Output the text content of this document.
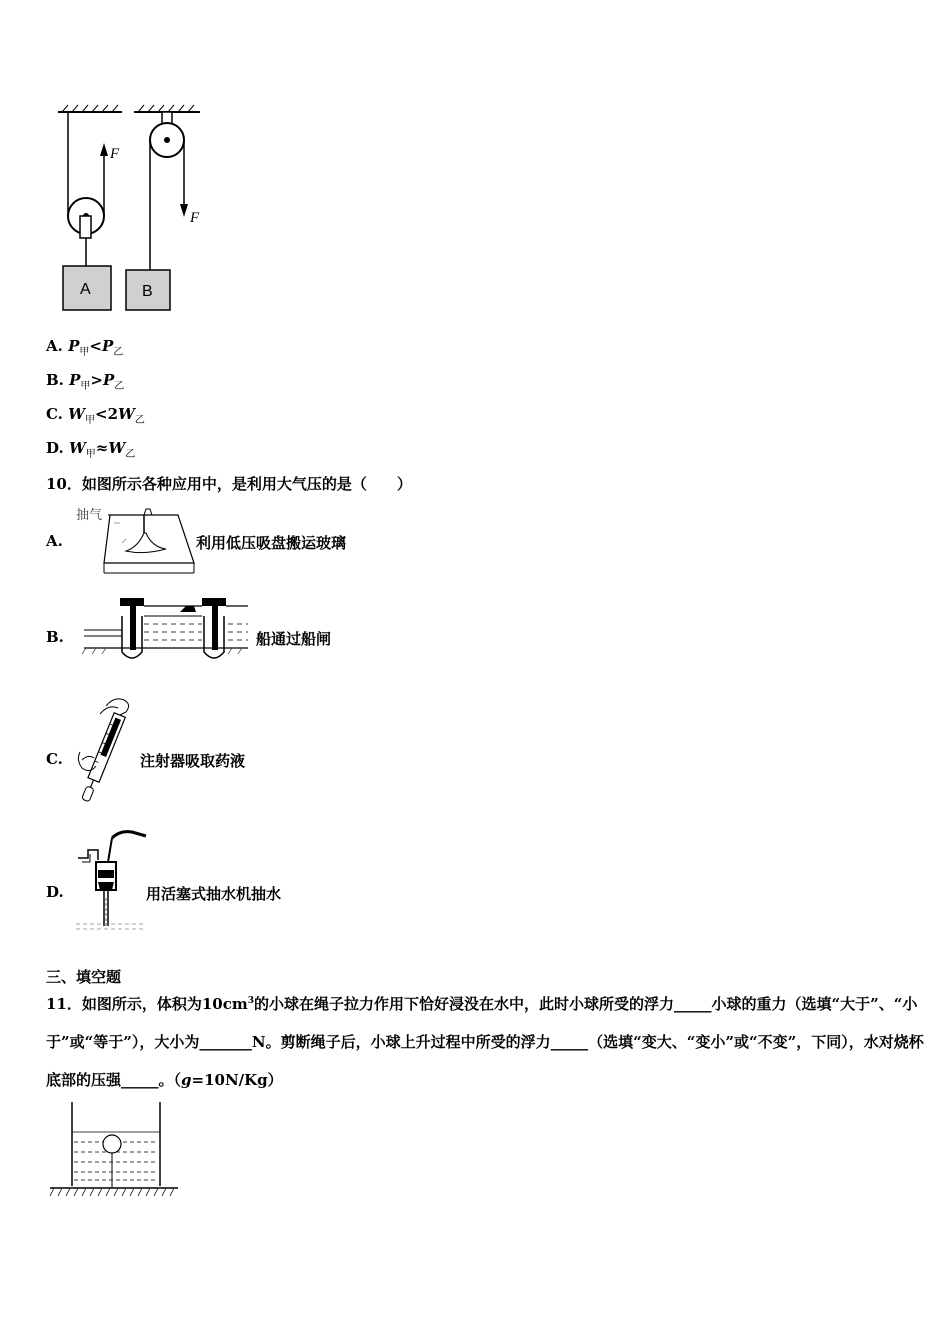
F
A
F
B
A. $P_甲<P_乙$
B. $P_甲>P_乙$
C. $W_甲<2W_乙$
D. $W_甲\approx W_乙$
10．如图所示各种应用中，是利用大气压的是（　　）
A.
抽气
利用低压吸盘搬运玻璃
B.	船通过船闸
C.	注射器吸取药液
D.	用活塞式抽水机抽水
三、填空题
11．如图所示，体积为$10cm^3$的小球在绳子拉力作用下恰好浸没在水中，此时小球所受的浮力_____小球的重力（选填“大于”、“小于”或“等于”），大小为_______N。剪断绳子后，小球上升过程中所受的浮力_____（选填“变大、“变小”或“不变”，下同），水对烧杯底部的压强_____。（g=10N/Kg）
